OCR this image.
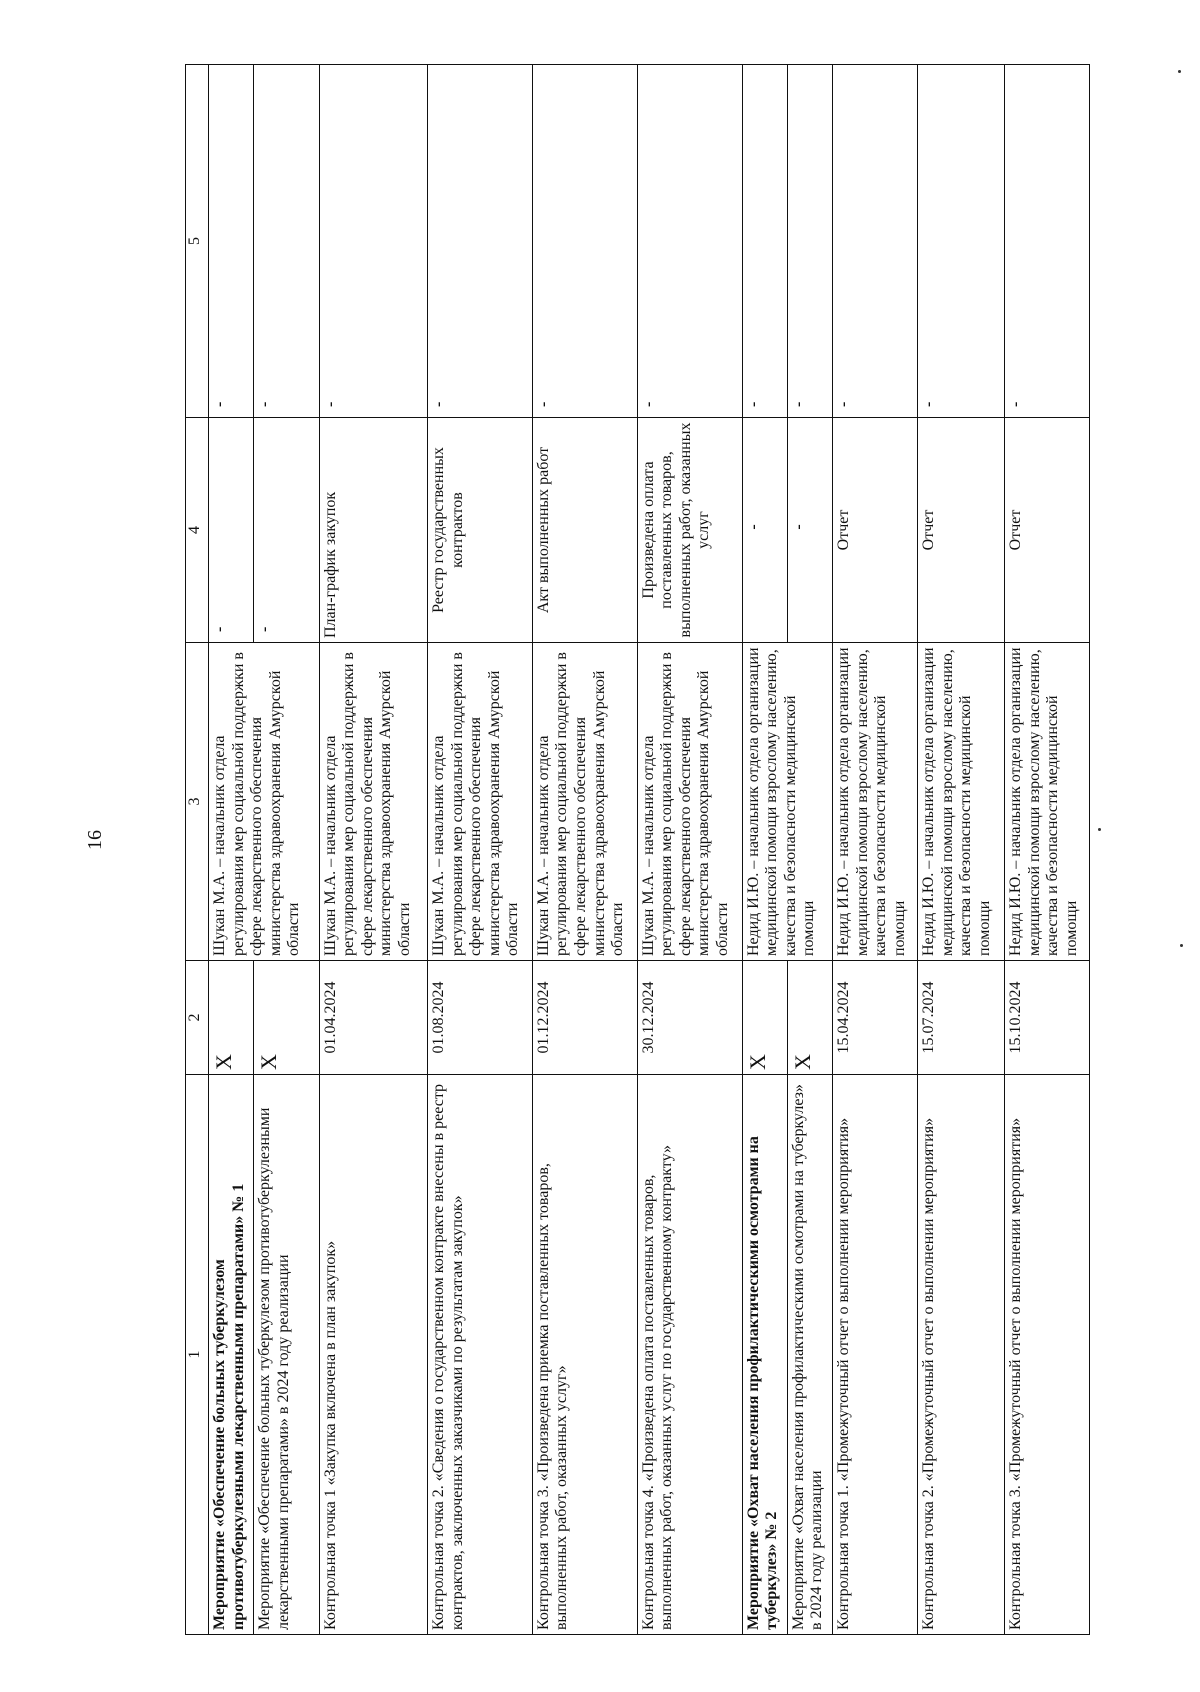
16
1	2	3	4	5
Мероприятие «Обеспечение больных туберкулезом противотуберкулезными лекарственными препаратами» № 1	Х	Шукан М.А. – начальник отдела регулирования мер социальной поддержки в сфере лекарственного обеспечения министерства здравоохранения Амурской области	-	-
Мероприятие «Обеспечение больных туберкулезом противотуберкулезными лекарственными препаратами» в 2024 году реализации	Х		-	-
Контрольная точка 1 «Закупка включена в план закупок»	01.04.2024	Шукан М.А. – начальник отдела регулирования мер социальной поддержки в сфере лекарственного обеспечения министерства здравоохранения Амурской области	План-график закупок	-
Контрольная точка 2. «Сведения о государственном контракте внесены в реестр контрактов, заключенных заказчиками по результатам закупок»	01.08.2024	Шукан М.А. – начальник отдела регулирования мер социальной поддержки в сфере лекарственного обеспечения министерства здравоохранения Амурской области	Реестр государственных контрактов	-
Контрольная точка 3. «Произведена приемка поставленных товаров, выполненных работ, оказанных услуг»	01.12.2024	Шукан М.А. – начальник отдела регулирования мер социальной поддержки в сфере лекарственного обеспечения министерства здравоохранения Амурской области	Акт выполненных работ	-
Контрольная точка 4. «Произведена оплата поставленных товаров, выполненных работ, оказанных услуг по государственному контракту»	30.12.2024	Шукан М.А. – начальник отдела регулирования мер социальной поддержки в сфере лекарственного обеспечения министерства здравоохранения Амурской области	Произведена оплата поставленных товаров, выполненных работ, оказанных услуг	-
Мероприятие «Охват населения профилактическими осмотрами на туберкулез» № 2	Х	Недид И.Ю. – начальник отдела организации медицинской помощи взрослому населению, качества и безопасности медицинской помощи	-	-
Мероприятие «Охват населения профилактическими осмотрами на туберкулез» в 2024 году реализации	Х		-	-
Контрольная точка 1. «Промежуточный отчет о выполнении мероприятия»	15.04.2024	Недид И.Ю. – начальник отдела организации медицинской помощи взрослому населению, качества и безопасности медицинской помощи	Отчет	-
Контрольная точка 2. «Промежуточный отчет о выполнении мероприятия»	15.07.2024	Недид И.Ю. – начальник отдела организации медицинской помощи взрослому населению, качества и безопасности медицинской помощи	Отчет	-
Контрольная точка 3. «Промежуточный отчет о выполнении мероприятия»	15.10.2024	Недид И.Ю. – начальник отдела организации медицинской помощи взрослому населению, качества и безопасности медицинской помощи	Отчет	-
